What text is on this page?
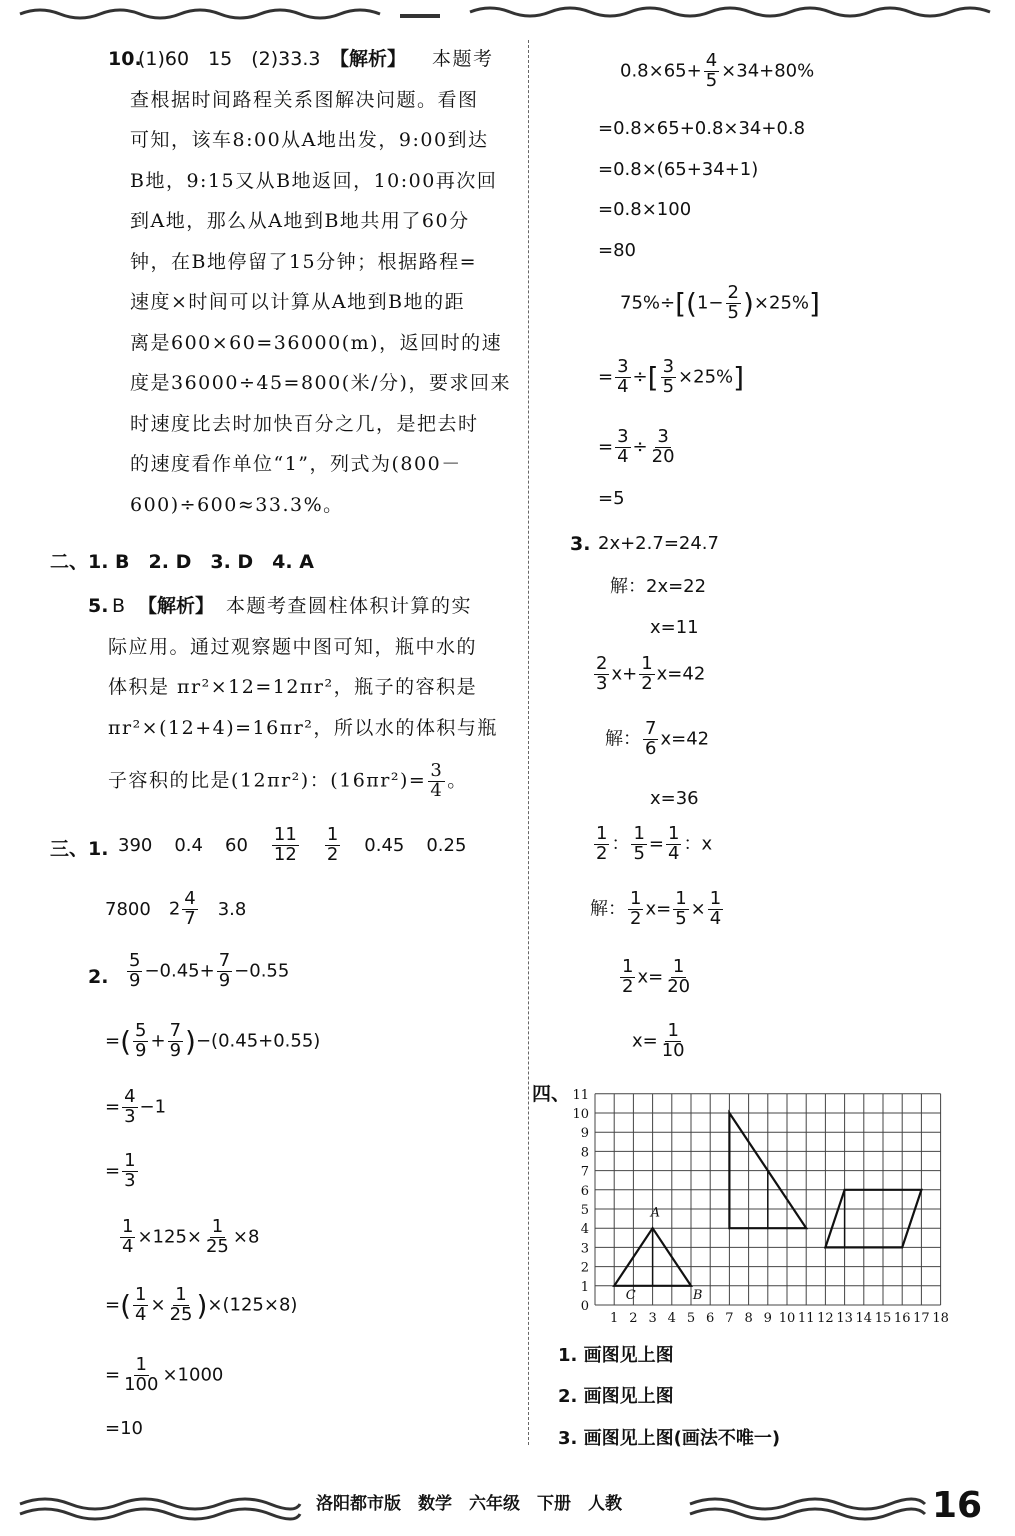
10.
(1)60　15　(2)33.3 【解析】	本题考
查根据时间路程关系图解决问题。看图
可知，该车8:00从A地出发，9:00到达
B地，9:15又从B地返回，10:00再次回
到A地，那么从A地到B地共用了60分
钟，在B地停留了15分钟；根据路程=
速度×时间可以计算从A地到B地的距
离是600×60=36000(m)，返回时的速
度是36000÷45=800(米/分)，要求回来
时速度比去时加快百分之几，是把去时
的速度看作单位“1”，列式为(800－
600)÷600≈33.3%。
二、 1. B　2. D　3. D　4. A
5. B 【解析】 本题考查圆柱体积计算的实
际应用。通过观察题中图可知，瓶中水的
体积是 πr²×12=12πr²，瓶子的容积是
πr²×(12+4)=16πr²，所以水的体积与瓶
子容积的比是(12πr²)：$(16\pi r^2)= \frac{3}{4}$ 。
三、 1. 390 0.4 $60 \frac{11}{12} \frac{1}{2} 0.45$ 0.25
7800 $2 \frac{4}{7} 3.8$
2. $\frac{5}{9} -0.45+ \frac{7}{9} -0.55$
=( $\frac{5}{9} + \frac{7}{9} )-(0.45+0.55)$
= $\frac{4}{3} -1$
= $\frac{1}{3}$
$\frac{1}{4} \times 125\times \frac{1}{25} \times 8$
=( $\frac{1}{4} \times \frac{1}{25} )\times(125\times 8)$
= $\frac{1}{100} \times 1000$
=10
$0.8\times 65+ \frac{4}{5} \times 34+80\%$
=0.8×65+0.8×34+0.8
=0.8×(65+34+1)
=0.8×100
=80
$75\%\div[(1- \frac{2}{5} )\times 25\%]$
= $\frac{3}{4}$ ÷[ $\frac{3}{5} \times 25\%$]
= $\frac{3}{4} \div \frac{3}{20}$
=5
3. 2x+2.7=24.7
解：2x=22
x=11
$\frac{2}{3} x+ \frac{1}{2} x=42$
解： $\frac{7}{6} x=42$
x=36
$\frac{1}{2}$ ： $\frac{1}{5} = \frac{1}{4}$ ：x
解： $\frac{1}{2} x= \frac{1}{5} \times \frac{1}{4}$
$\frac{1}{2} x= \frac{1}{20}$
$x= \frac{1}{10}$
四、 11
10
9
8
7
6
5
4
3
2
1
0
1 2 3 4 5 6 7 8 9 10 11 12 13 14 15 16 17 18
A
C	B
1. 画图见上图
2. 画图见上图
3. 画图见上图(画法不唯一)
洛阳都市版　数学　六年级　下册　人教	16
